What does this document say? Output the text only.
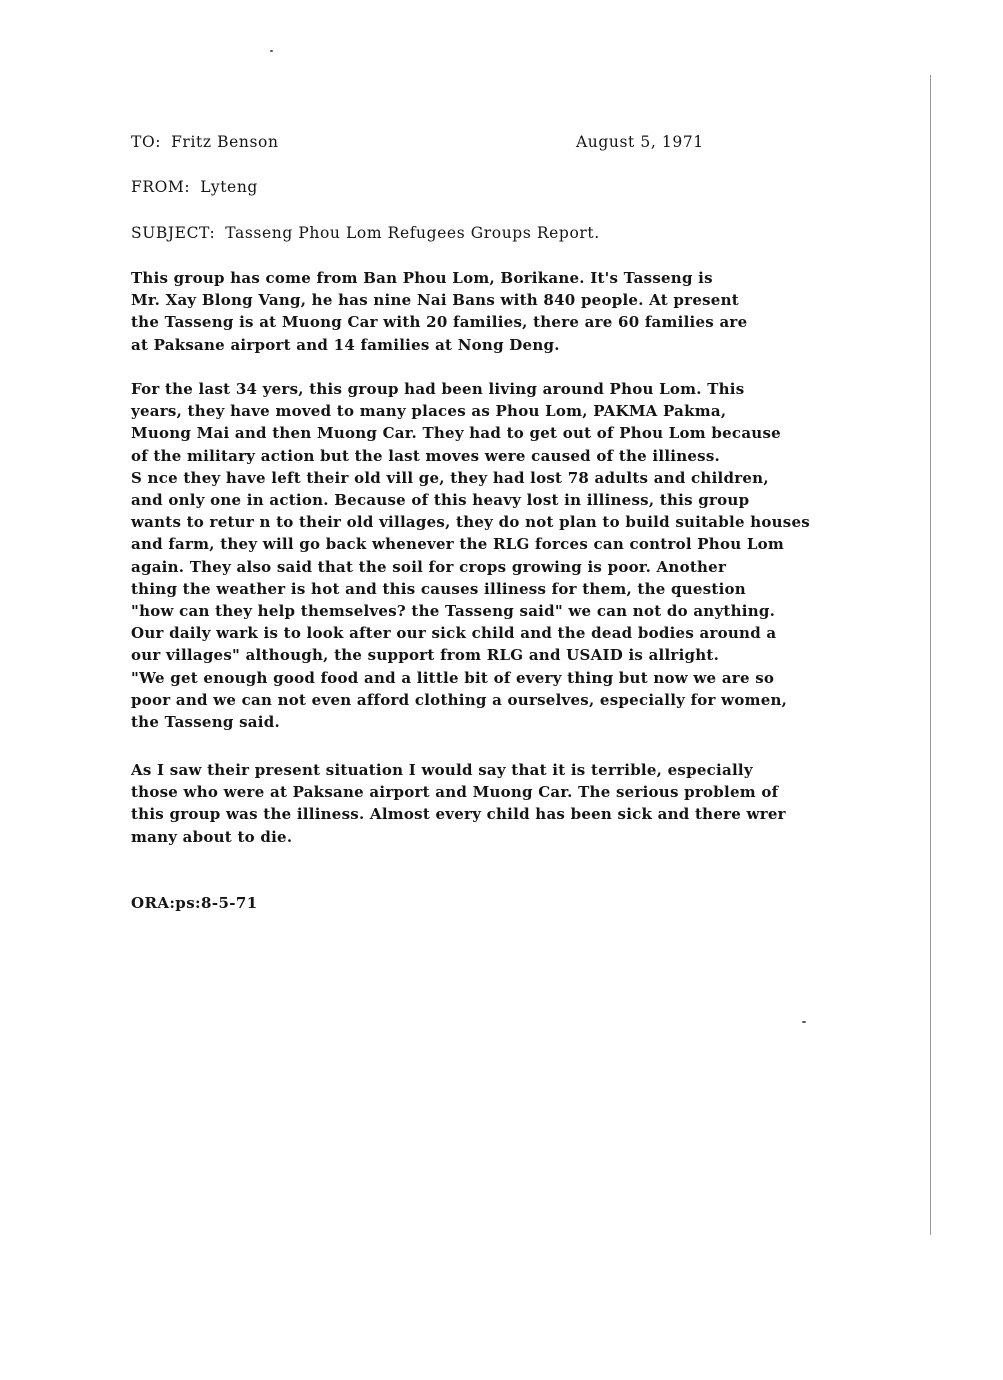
TO: Fritz Benson	August 5, 1971
FROM: Lyteng
SUBJECT: Tasseng Phou Lom Refugees Groups Report.
This group has come from Ban Phou Lom, Borikane. It's Tasseng is
Mr. Xay Blong Vang, he has nine Nai Bans with 840 people. At present
the Tasseng is at Muong Car with 20 families, there are 60 families are
at Paksane airport and 14 families at Nong Deng.
For the last 34 yers, this group had been living around Phou Lom. This
years, they have moved to many places as Phou Lom, PAKMA Pakma,
Muong Mai and then Muong Car. They had to get out of Phou Lom because
of the military action but the last moves were caused of the illiness.
S nce they have left their old vill ge, they had lost 78 adults and children,
and only one in action. Because of this heavy lost in illiness, this group
wants to retur n to their old villages, they do not plan to build suitable houses
and farm, they will go back whenever the RLG forces can control Phou Lom
again. They also said that the soil for crops growing is poor. Another
thing the weather is hot and this causes illiness for them, the question
"how can they help themselves? the Tasseng said" we can not do anything.
Our daily wark is to look after our sick child and the dead bodies around a
our villages" although, the support from RLG and USAID is allright.
"We get enough good food and a little bit of every thing but now we are so
poor and we can not even afford clothing a ourselves, especially for women,
the Tasseng said.
As I saw their present situation I would say that it is terrible, especially
those who were at Paksane airport and Muong Car. The serious problem of
this group was the illiness. Almost every child has been sick and there wrer
many about to die.
ORA:ps:8-5-71
